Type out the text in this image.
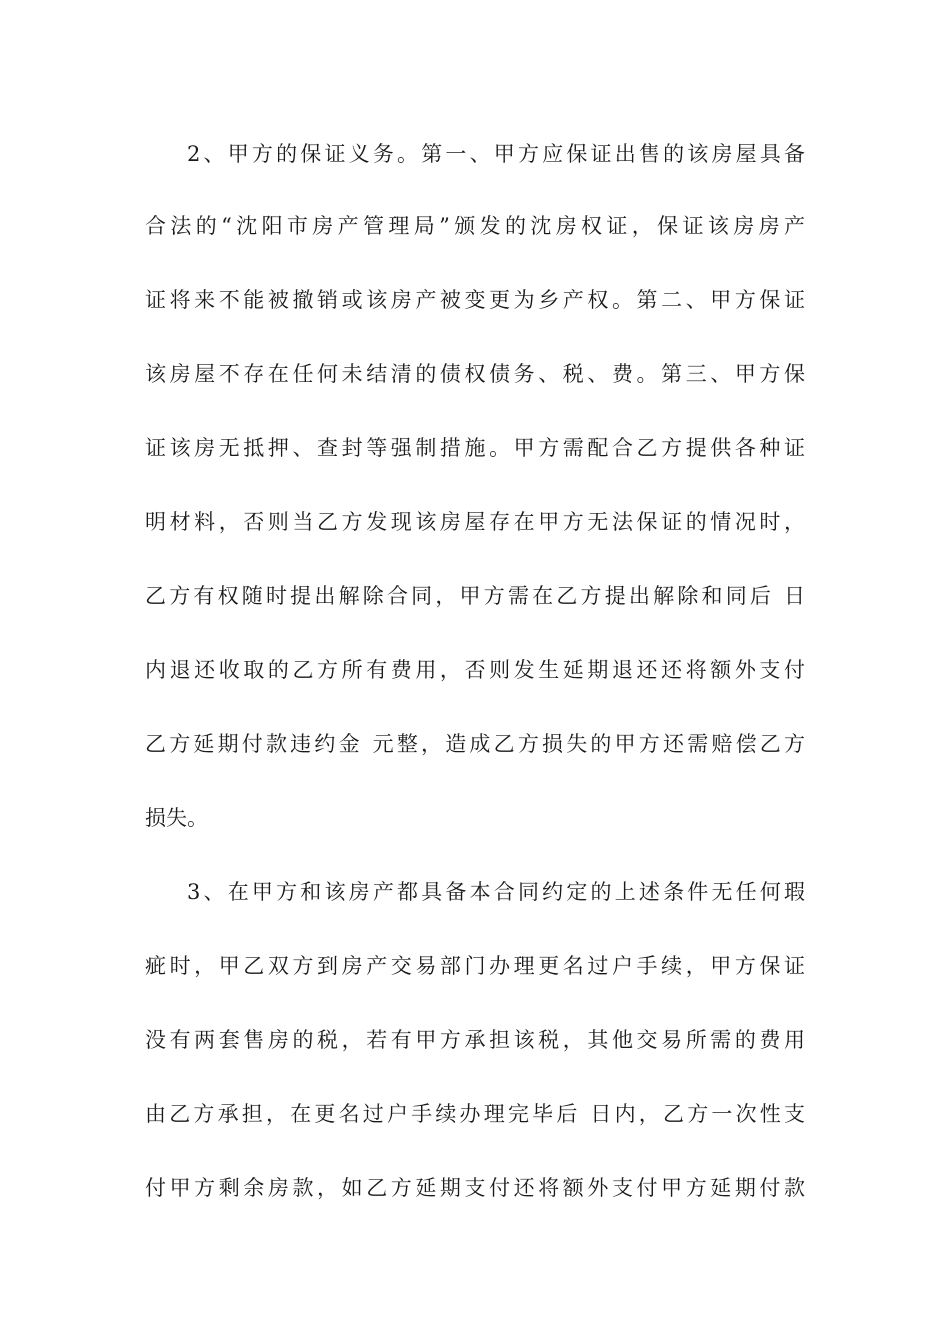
2、甲方的保证义务。第一、甲方应保证出售的该房屋具备
合法的“沈阳市房产管理局”颁发的沈房权证，保证该房房产
证将来不能被撤销或该房产被变更为乡产权。第二、甲方保证
该房屋不存在任何未结清的债权债务、税、费。第三、甲方保
证该房无抵押、查封等强制措施。甲方需配合乙方提供各种证
明材料，否则当乙方发现该房屋存在甲方无法保证的情况时，
乙方有权随时提出解除合同，甲方需在乙方提出解除和同后 日
内退还收取的乙方所有费用，否则发生延期退还还将额外支付
乙方延期付款违约金 元整，造成乙方损失的甲方还需赔偿乙方
损失。
3、在甲方和该房产都具备本合同约定的上述条件无任何瑕
疵时，甲乙双方到房产交易部门办理更名过户手续，甲方保证
没有两套售房的税，若有甲方承担该税，其他交易所需的费用
由乙方承担，在更名过户手续办理完毕后 日内，乙方一次性支
付甲方剩余房款，如乙方延期支付还将额外支付甲方延期付款
